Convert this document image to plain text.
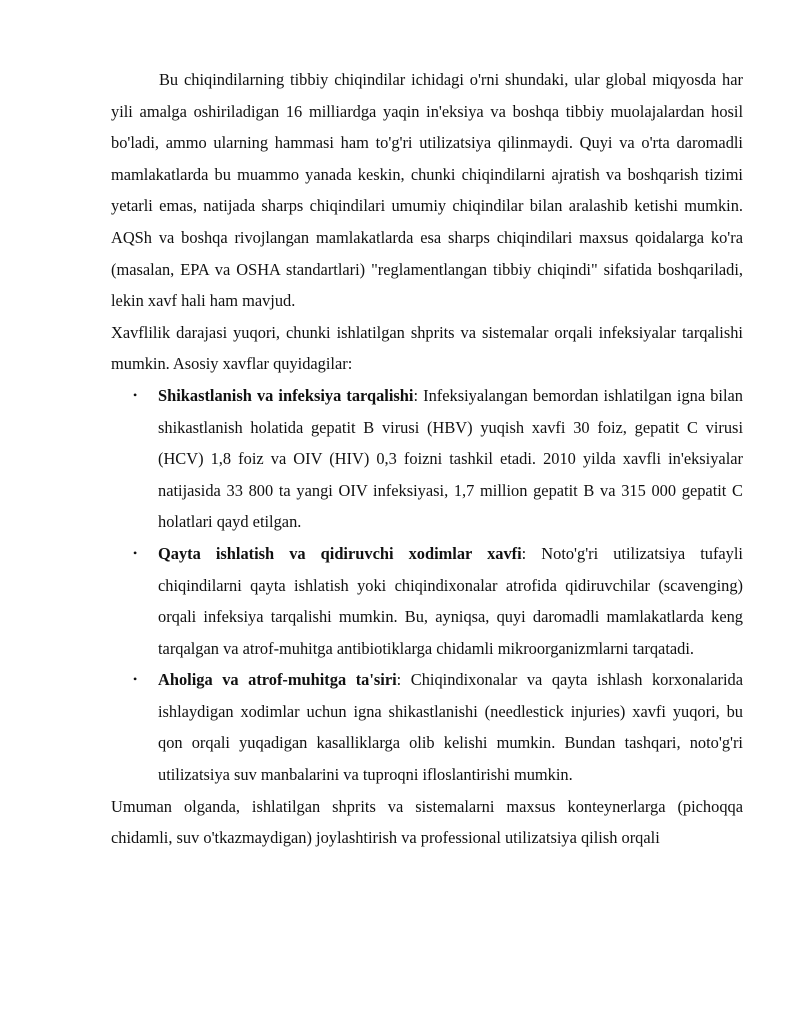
Bu chiqindilarning tibbiy chiqindilar ichidagi o'rni shundaki, ular global miqyosda har yili amalga oshiriladigan 16 milliardga yaqin in'eksiya va boshqa tibbiy muolajalardan hosil bo'ladi, ammo ularning hammasi ham to'g'ri utilizatsiya qilinmaydi. Quyi va o'rta daromadli mamlakatlarda bu muammo yanada keskin, chunki chiqindilarni ajratish va boshqarish tizimi yetarli emas, natijada sharps chiqindilari umumiy chiqindilar bilan aralashib ketishi mumkin. AQSh va boshqa rivojlangan mamlakatlarda esa sharps chiqindilari maxsus qoidalarga ko'ra (masalan, EPA va OSHA standartlari) "reglamentlangan tibbiy chiqindi" sifatida boshqariladi, lekin xavf hali ham mavjud.

Xavflilik darajasi yuqori, chunki ishlatilgan shprits va sistemalar orqali infeksiyalar tarqalishi mumkin. Asosiy xavflar quyidagilar:

• Shikastlanish va infeksiya tarqalishi: Infeksiyalangan bemordan ishlatilgan igna bilan shikastlanish holatida gepatit B virusi (HBV) yuqish xavfi 30 foiz, gepatit C virusi (HCV) 1,8 foiz va OIV (HIV) 0,3 foizni tashkil etadi. 2010 yilda xavfli in'eksiyalar natijasida 33 800 ta yangi OIV infeksiyasi, 1,7 million gepatit B va 315 000 gepatit C holatlari qayd etilgan.
• Qayta ishlatish va qidiruvchi xodimlar xavfi: Noto'g'ri utilizatsiya tufayli chiqindilarni qayta ishlatish yoki chiqindixonalar atrofida qidiruvchilar (scavenging) orqali infeksiya tarqalishi mumkin. Bu, ayniqsa, quyi daromadli mamlakatlarda keng tarqalgan va atrof-muhitga antibiotiklarga chidamli mikroorganizmlarni tarqatadi.
• Aholiga va atrof-muhitga ta'siri: Chiqindixonalar va qayta ishlash korxonalarida ishlaydigan xodimlar uchun igna shikastlanishi (needlestick injuries) xavfi yuqori, bu qon orqali yuqadigan kasalliklarga olib kelishi mumkin. Bundan tashqari, noto'g'ri utilizatsiya suv manbalarini va tuproqni ifloslantirishi mumkin.

Umuman olganda, ishlatilgan shprits va sistemalarni maxsus konteynerlarga (pichoqqa chidamli, suv o'tkazmaydigan) joylashtirish va professional utilizatsiya qilish orqali
